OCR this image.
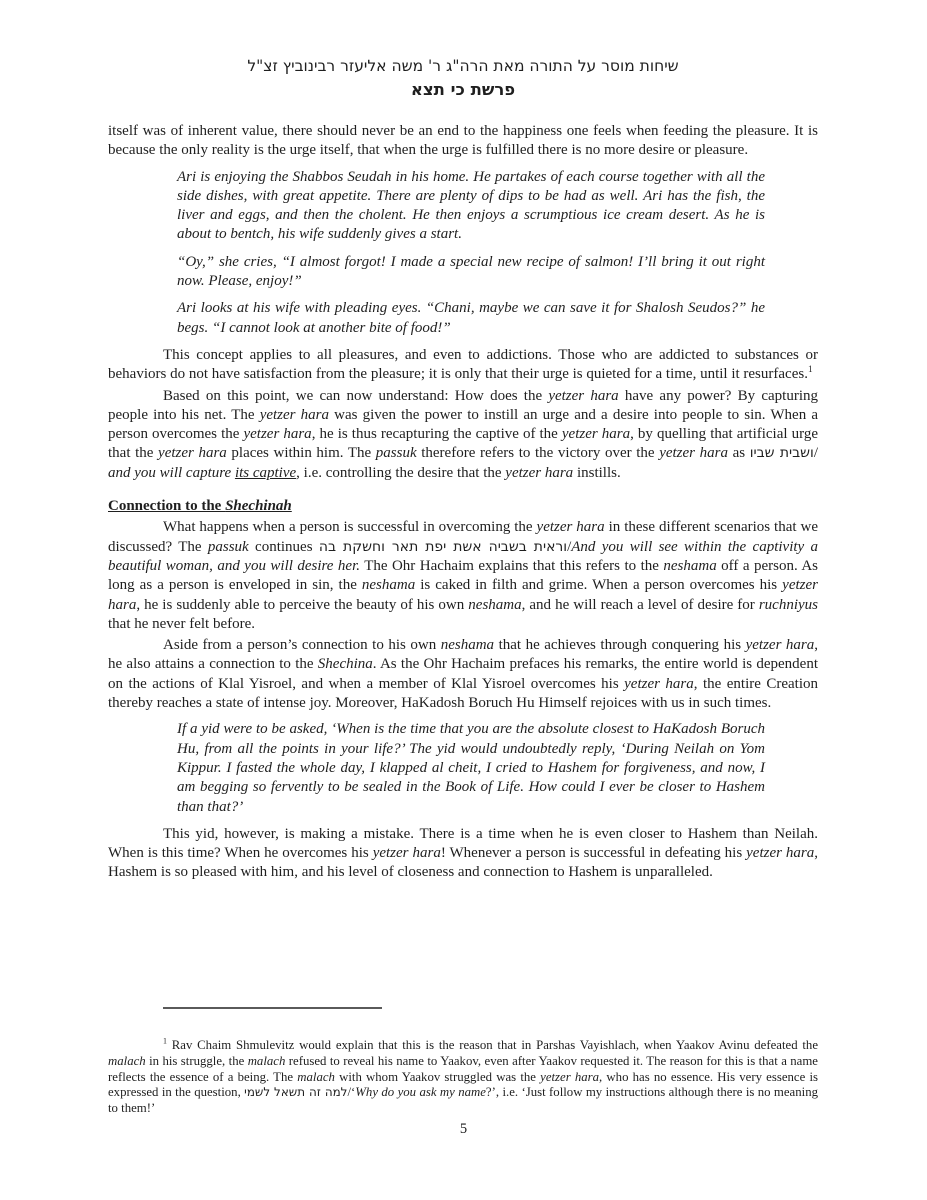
שיחות מוסר על התורה מאת הרה"ג ר' משה אליעזר רבינוביץ זצ"ל
פרשת כי תצא

itself was of inherent value, there should never be an end to the happiness one feels when feeding the pleasure. It is because the only reality is the urge itself, that when the urge is fulfilled there is no more desire or pleasure.

Ari is enjoying the Shabbos Seudah in his home. He partakes of each course together with all the side dishes, with great appetite. There are plenty of dips to be had as well. Ari has the fish, the liver and eggs, and then the cholent. He then enjoys a scrumptious ice cream desert. As he is about to bentch, his wife suddenly gives a start.

“Oy,” she cries, “I almost forgot! I made a special new recipe of salmon! I’ll bring it out right now. Please, enjoy!”

Ari looks at his wife with pleading eyes. “Chani, maybe we can save it for Shalosh Seudos?” he begs. “I cannot look at another bite of food!”

This concept applies to all pleasures, and even to addictions. Those who are addicted to substances or behaviors do not have satisfaction from the pleasure; it is only that their urge is quieted for a time, until it resurfaces.$^1$

Based on this point, we can now understand: How does the yetzer hara have any power? By capturing people into his net. The yetzer hara was given the power to instill an urge and a desire into people to sin. When a person overcomes the yetzer hara, he is thus recapturing the captive of the yetzer hara, by quelling that artificial urge that the yetzer hara places within him. The passuk therefore refers to the victory over the yetzer hara as ושבית שביו/ and you will capture its captive, i.e. controlling the desire that the yetzer hara instills.

Connection to the Shechinah

What happens when a person is successful in overcoming the yetzer hara in these different scenarios that we discussed? The passuk continues וראית בשביה אשת יפת תאר וחשקת בה/And you will see within the captivity a beautiful woman, and you will desire her. The Ohr Hachaim explains that this refers to the neshama off a person. As long as a person is enveloped in sin, the neshama is caked in filth and grime. When a person overcomes his yetzer hara, he is suddenly able to perceive the beauty of his own neshama, and he will reach a level of desire for ruchniyus that he never felt before.

Aside from a person’s connection to his own neshama that he achieves through conquering his yetzer hara, he also attains a connection to the Shechina. As the Ohr Hachaim prefaces his remarks, the entire world is dependent on the actions of Klal Yisroel, and when a member of Klal Yisroel overcomes his yetzer hara, the entire Creation thereby reaches a state of intense joy. Moreover, HaKadosh Boruch Hu Himself rejoices with us in such times.

If a yid were to be asked, ‘When is the time that you are the absolute closest to HaKadosh Boruch Hu, from all the points in your life?’ The yid would undoubtedly reply, ‘During Neilah on Yom Kippur. I fasted the whole day, I klapped al cheit, I cried to Hashem for forgiveness, and now, I am begging so fervently to be sealed in the Book of Life. How could I ever be closer to Hashem than that?’

This yid, however, is making a mistake. There is a time when he is even closer to Hashem than Neilah. When is this time? When he overcomes his yetzer hara! Whenever a person is successful in defeating his yetzer hara, Hashem is so pleased with him, and his level of closeness and connection to Hashem is unparalleled.

$^1$ Rav Chaim Shmulevitz would explain that this is the reason that in Parshas Vayishlach, when Yaakov Avinu defeated the malach in his struggle, the malach refused to reveal his name to Yaakov, even after Yaakov requested it. The reason for this is that a name reflects the essence of a being. The malach with whom Yaakov struggled was the yetzer hara, who has no essence. His very essence is expressed in the question, למה זה תשאל לשמי/‘Why do you ask my name?’, i.e. ‘Just follow my instructions although there is no meaning to them!’
5
